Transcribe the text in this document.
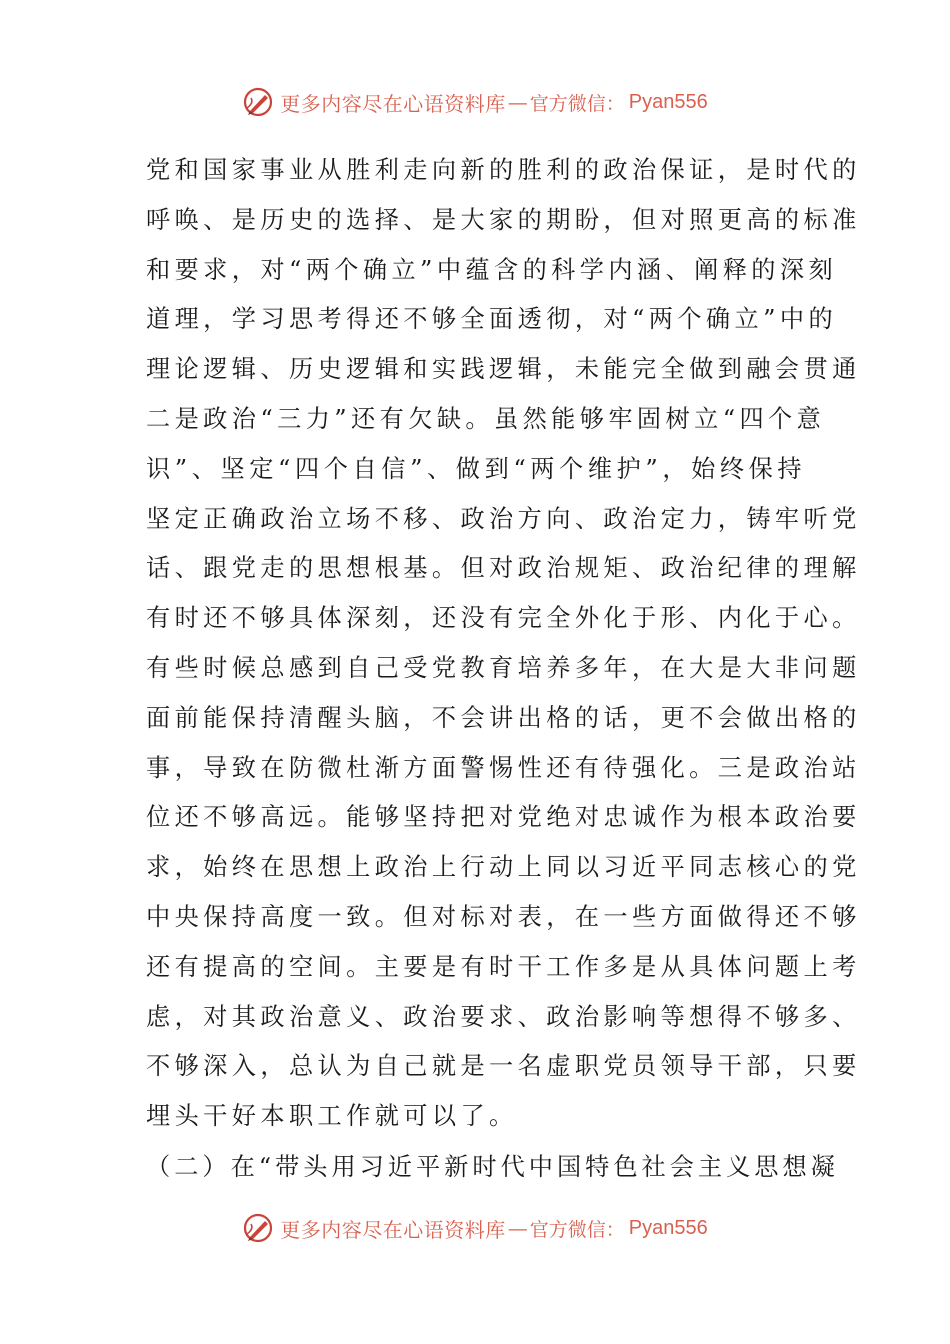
更多内容尽在心语资料库 — 官方微信： Pyan556
党和国家事业从胜利走向新的胜利的政治保证，是时代的
呼唤、是历史的选择、是大家的期盼，但对照更高的标准
和要求，对“两个确立”中蕴含的科学内涵、阐释的深刻
道理，学习思考得还不够全面透彻，对“两个确立”中的
理论逻辑、历史逻辑和实践逻辑，未能完全做到融会贯通
二是政治“三力”还有欠缺。虽然能够牢固树立“四个意
识”、坚定“四个自信”、做到“两个维护”，始终保持
坚定正确政治立场不移、政治方向、政治定力，铸牢听党
话、跟党走的思想根基。但对政治规矩、政治纪律的理解
有时还不够具体深刻，还没有完全外化于形、内化于心。
有些时候总感到自己受党教育培养多年，在大是大非问题
面前能保持清醒头脑，不会讲出格的话，更不会做出格的
事，导致在防微杜渐方面警惕性还有待强化。三是政治站
位还不够高远。能够坚持把对党绝对忠诚作为根本政治要
求，始终在思想上政治上行动上同以习近平同志核心的党
中央保持高度一致。但对标对表，在一些方面做得还不够
还有提高的空间。主要是有时干工作多是从具体问题上考
虑，对其政治意义、政治要求、政治影响等想得不够多、
不够深入，总认为自己就是一名虚职党员领导干部，只要
埋头干好本职工作就可以了。
（二）在“带头用习近平新时代中国特色社会主义思想凝
更多内容尽在心语资料库 — 官方微信： Pyan556
